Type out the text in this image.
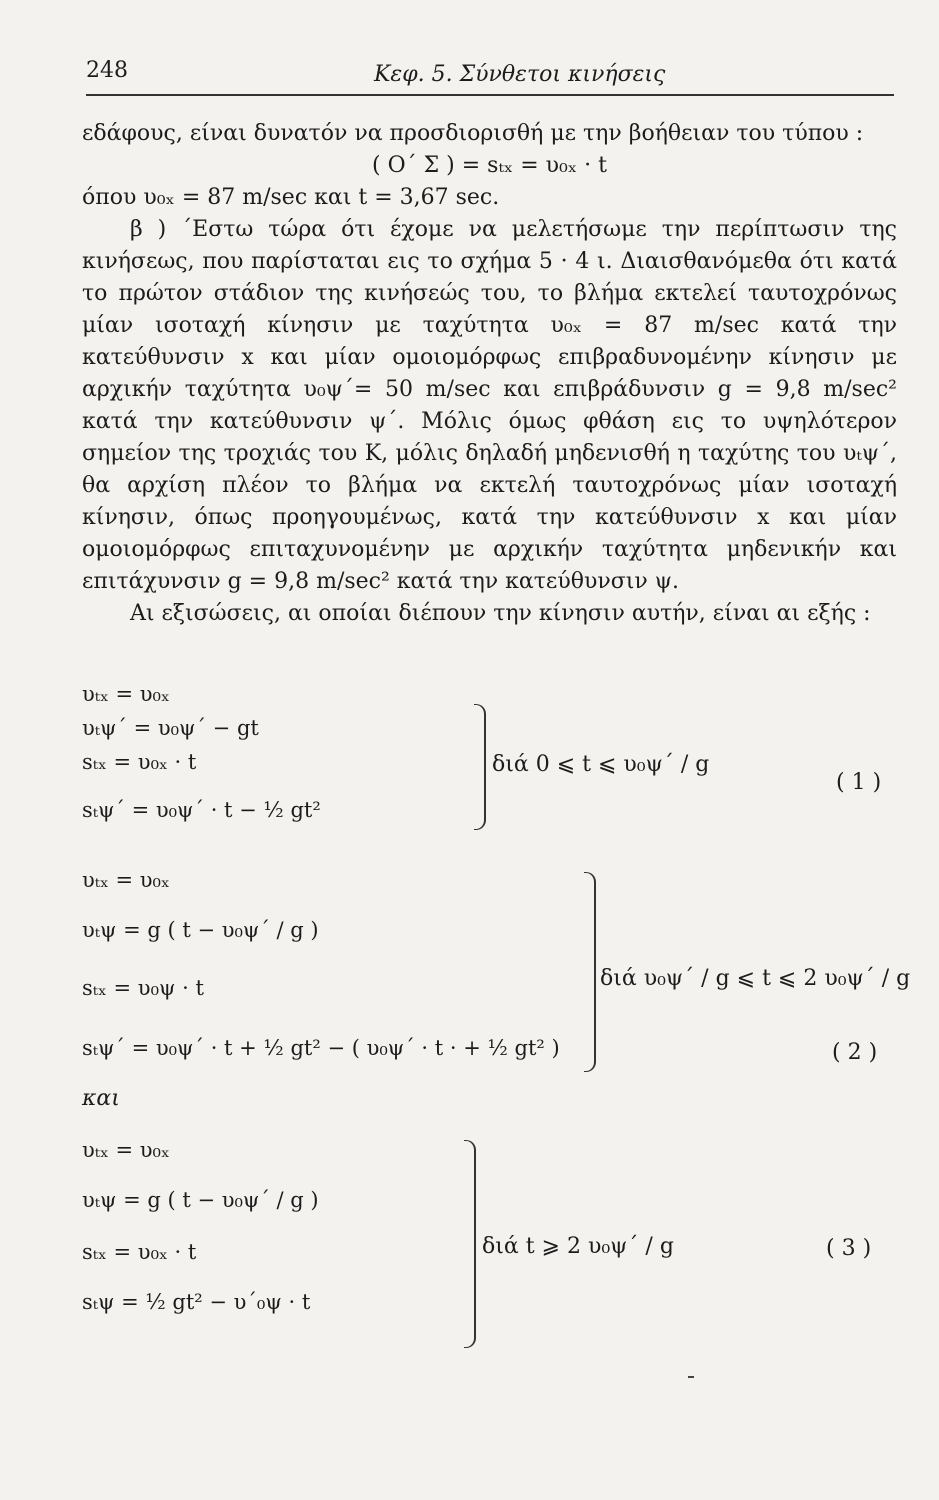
248	Κεφ. 5. Σύνθετοι κινήσεις

εδάφους, είναι δυνατόν να προσδιορισθή με την βοήθειαν του τύπου :

( Ο΄ Σ ) = sₜₓ = υ₀ₓ · t

όπου υ₀ₓ = 87 m/sec και t = 3,67 sec.

β ) ΄Εστω τώρα ότι έχομε να μελετήσωμε την περίπτωσιν της κινήσεως, που παρίσταται εις το σχήμα 5 · 4 ι. Διαισθανόμεθα ότι κατά το πρώτον στάδιον της κινήσεώς του, το βλήμα εκτελεί ταυτοχρόνως μίαν ισοταχή κίνησιν με ταχύτητα υ₀ₓ = 87 m/sec κατά την κατεύθυνσιν x και μίαν ομοιομόρφως επιβραδυνομένην κίνησιν με αρχικήν ταχύτητα υ₀ψ΄= 50 m/sec και επιβράδυνσιν g = 9,8 m/sec² κατά την κατεύθυνσιν ψ΄. Μόλις όμως φθάση εις το υψηλότερον σημείον της τροχιάς του Κ, μόλις δηλαδή μηδενισθή η ταχύτης του υₜψ΄, θα αρχίση πλέον το βλήμα να εκτελή ταυτοχρόνως μίαν ισοταχή κίνησιν, όπως προηγουμένως, κατά την κατεύθυνσιν x και μίαν ομοιομόρφως επιταχυνομένην με αρχικήν ταχύτητα μηδενικήν και επιτάχυνσιν g = 9,8 m/sec² κατά την κατεύθυνσιν ψ.

Αι εξισώσεις, αι οποίαι διέπουν την κίνησιν αυτήν, είναι αι εξής :

υₜₓ = υ₀ₓ
υₜψ΄ = υ₀ψ΄ − gt
sₜₓ = υ₀ₓ · t
sₜψ΄ = υ₀ψ΄ · t − ½ gt²
διά 0 ⩽ t ⩽ υ₀ψ΄ / g
( 1 )
υₜₓ = υ₀ₓ
υₜψ = g ( t − υ₀ψ΄ / g )
sₜₓ = υ₀ψ · t
sₜψ΄ = υ₀ψ΄ · t + ½ gt² − ( υ₀ψ΄ · t · + ½ gt² )
διά υ₀ψ΄ / g ⩽ t ⩽ 2 υ₀ψ΄ / g
( 2 )
και
υₜₓ = υ₀ₓ
υₜψ = g ( t − υ₀ψ΄ / g )
sₜₓ = υ₀ₓ · t
sₜψ = ½ gt² − υ΄₀ψ · t
διά t ⩾ 2 υ₀ψ΄ / g	( 3 )
